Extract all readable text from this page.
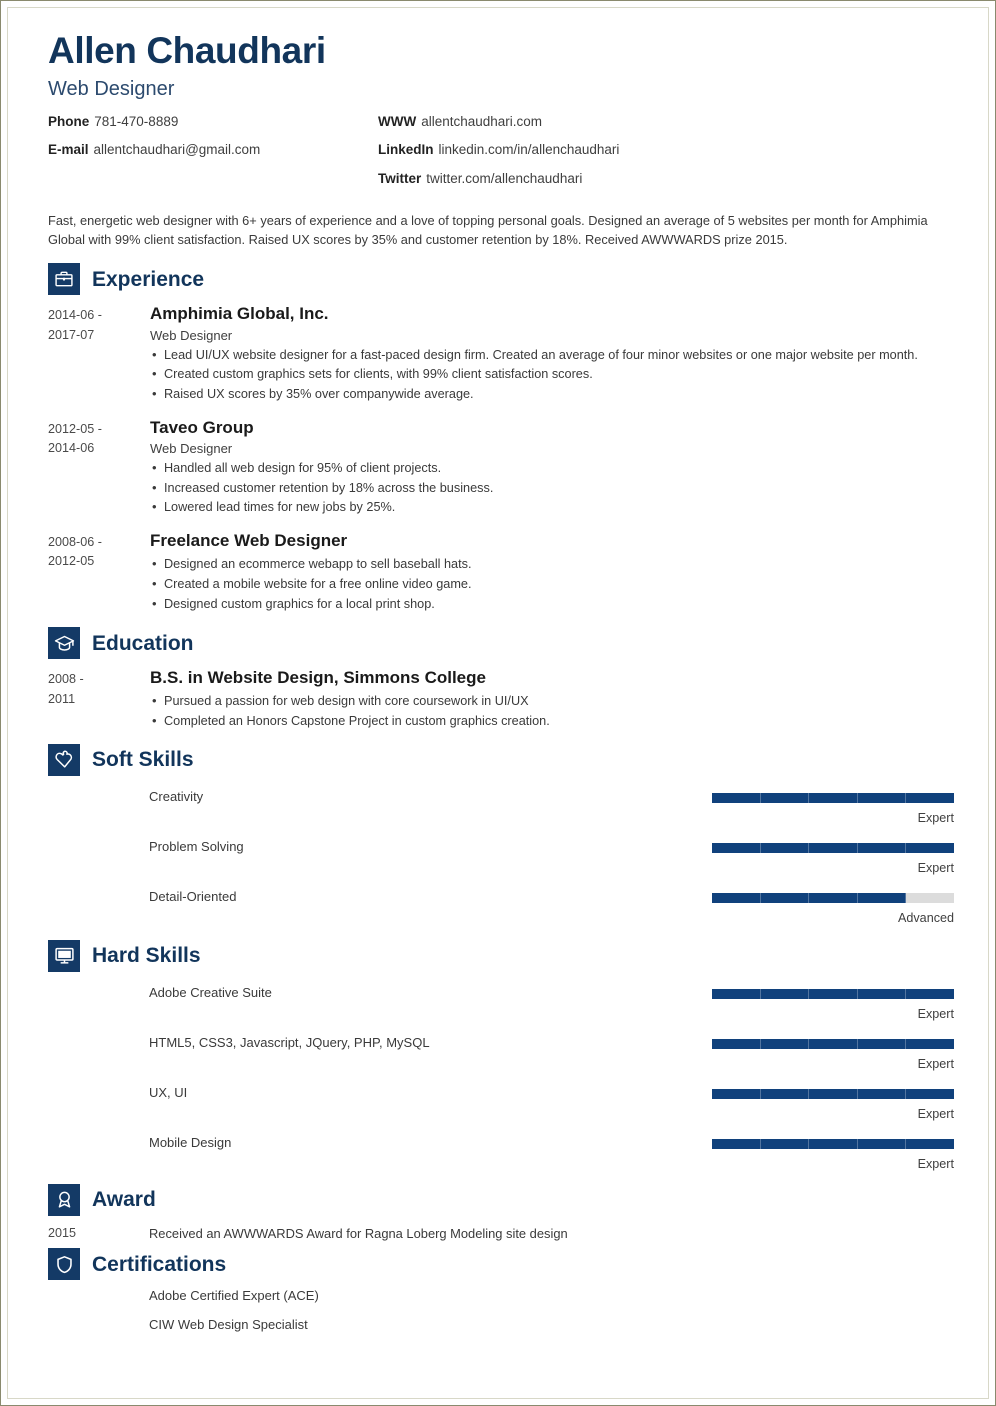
Allen Chaudhari
Web Designer
Phone 781-470-8889
E-mail allentchaudhari@gmail.com
WWW allentchaudhari.com
LinkedIn linkedin.com/in/allenchaudhari
Twitter twitter.com/allenchaudhari
Fast, energetic web designer with 6+ years of experience and a love of topping personal goals. Designed an average of 5 websites per month for Amphimia Global with 99% client satisfaction. Raised UX scores by 35% and customer retention by 18%. Received AWWWARDS prize 2015.
Experience
2014-06 -
2017-07
Amphimia Global, Inc.
Web Designer
• Lead UI/UX website designer for a fast-paced design firm. Created an average of four minor websites or one major website per month.
• Created custom graphics sets for clients, with 99% client satisfaction scores.
• Raised UX scores by 35% over companywide average.
2012-05 -
2014-06
Taveo Group
Web Designer
• Handled all web design for 95% of client projects.
• Increased customer retention by 18% across the business.
• Lowered lead times for new jobs by 25%.
2008-06 -
2012-05
Freelance Web Designer
• Designed an ecommerce webapp to sell baseball hats.
• Created a mobile website for a free online video game.
• Designed custom graphics for a local print shop.
Education
2008 -
2011
B.S. in Website Design, Simmons College
• Pursued a passion for web design with core coursework in UI/UX
• Completed an Honors Capstone Project in custom graphics creation.
Soft Skills
Creativity
Expert
Problem Solving
Expert
Detail-Oriented
Advanced
Hard Skills
Adobe Creative Suite
Expert
HTML5, CSS3, Javascript, JQuery, PHP, MySQL
Expert
UX, UI
Expert
Mobile Design
Expert
Award
2015	Received an AWWWARDS Award for Ragna Loberg Modeling site design
Certifications
Adobe Certified Expert (ACE)
CIW Web Design Specialist
